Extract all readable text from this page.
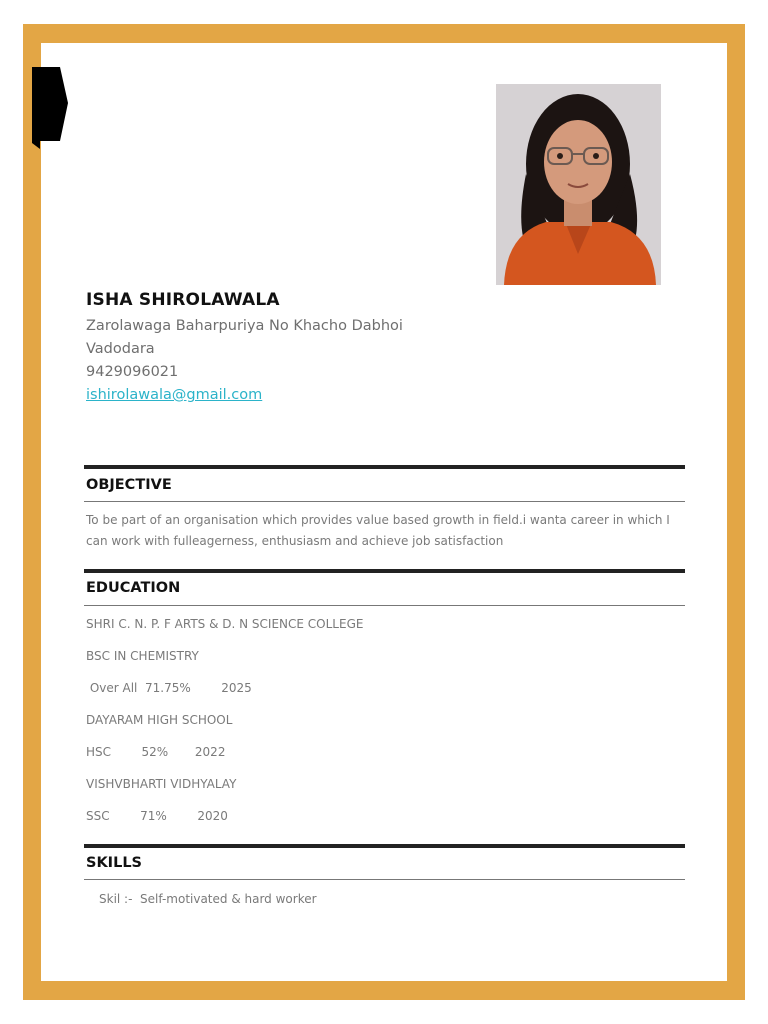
ISHA SHIROLAWALA
Zarolawaga Baharpuriya No Khacho Dabhoi
Vadodara
9429096021
ishirolawala@gmail.com
OBJECTIVE
To be part of an organisation which provides value based growth in field.i wanta career in which I can work with fulleagerness, enthusiasm and achieve job satisfaction
EDUCATION
SHRI C. N. P. F ARTS & D. N SCIENCE COLLEGE
BSC IN CHEMISTRY
Over All  71.75%        2025
DAYARAM HIGH SCHOOL
HSC        52%       2022
VISHVBHARTI VIDHYALAY
SSC        71%        2020
SKILLS
Skil :-  Self-motivated & hard worker
